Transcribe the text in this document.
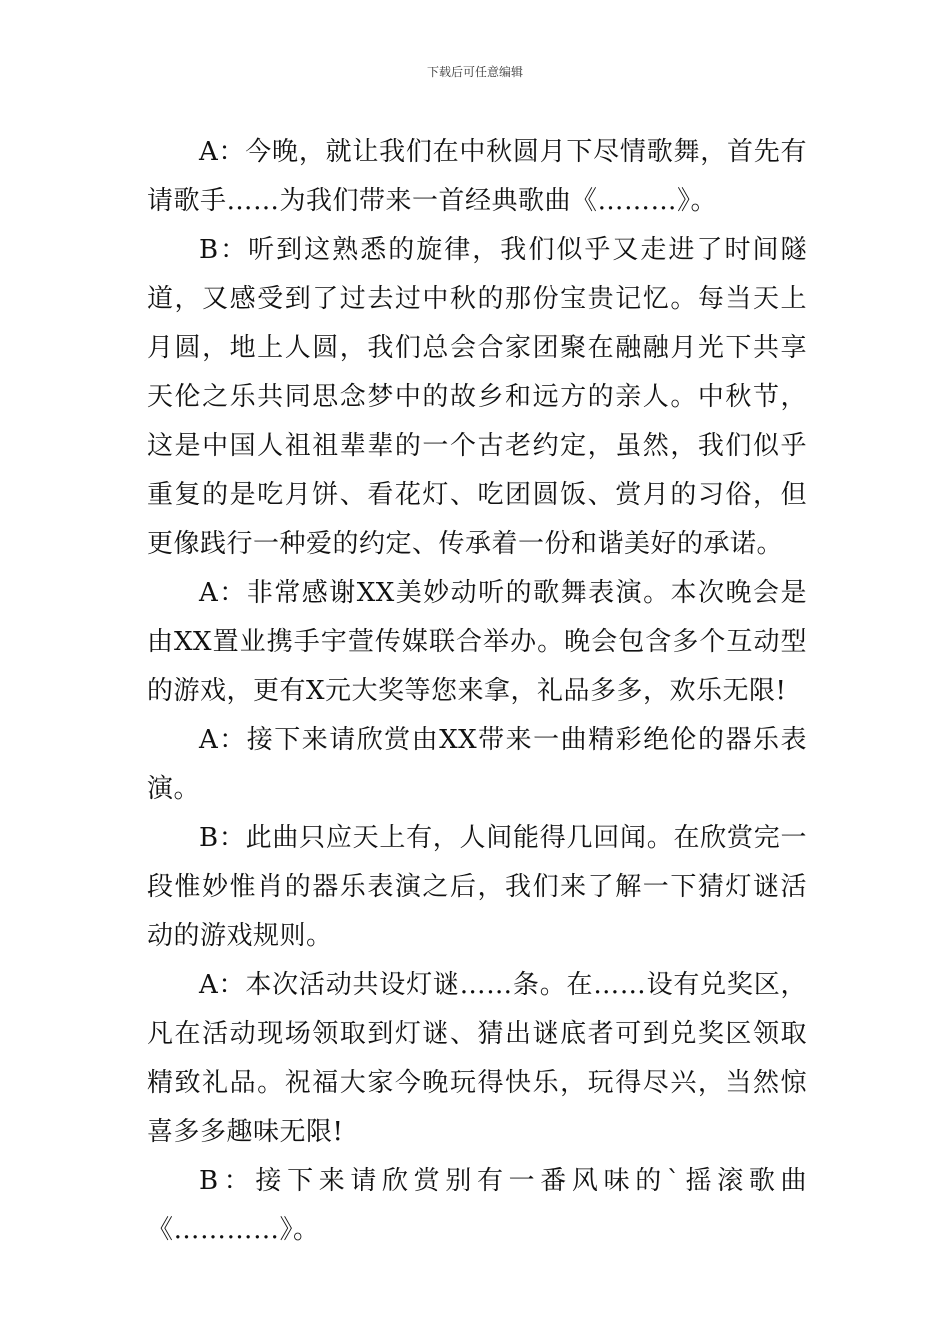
下载后可任意编辑

A：今晚，就让我们在中秋圆月下尽情歌舞，首先有请歌手……为我们带来一首经典歌曲《………》。

B：听到这熟悉的旋律，我们似乎又走进了时间隧道，又感受到了过去过中秋的那份宝贵记忆。每当天上月圆，地上人圆，我们总会合家团聚在融融月光下共享天伦之乐共同思念梦中的故乡和远方的亲人。中秋节，这是中国人祖祖辈辈的一个古老约定，虽然，我们似乎重复的是吃月饼、看花灯、吃团圆饭、赏月的习俗，但更像践行一种爱的约定、传承着一份和谐美好的承诺。

A：非常感谢XX美妙动听的歌舞表演。本次晚会是由XX置业携手宇萱传媒联合举办。晚会包含多个互动型的游戏，更有X元大奖等您来拿，礼品多多，欢乐无限!

A：接下来请欣赏由XX带来一曲精彩绝伦的器乐表演。

B：此曲只应天上有，人间能得几回闻。在欣赏完一段惟妙惟肖的器乐表演之后，我们来了解一下猜灯谜活动的游戏规则。

A：本次活动共设灯谜……条。在……设有兑奖区，凡在活动现场领取到灯谜、猜出谜底者可到兑奖区领取精致礼品。祝福大家今晚玩得快乐，玩得尽兴，当然惊喜多多趣味无限!

B：接下来请欣赏别有一番风味的`摇滚歌曲《…………》。
